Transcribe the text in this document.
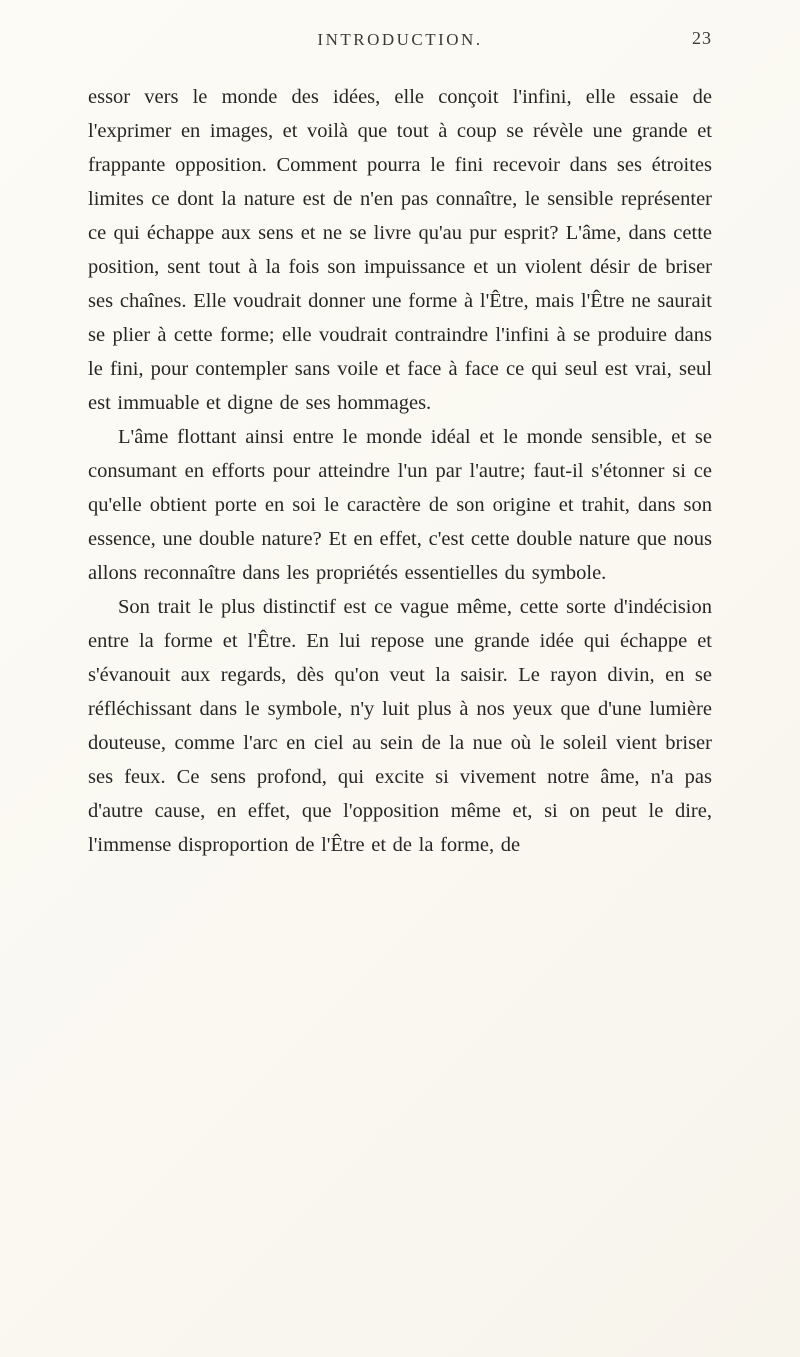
INTRODUCTION.	23

essor vers le monde des idées, elle conçoit l'infini, elle essaie de l'exprimer en images, et voilà que tout à coup se révèle une grande et frappante opposition. Comment pourra le fini recevoir dans ses étroites limites ce dont la nature est de n'en pas connaître, le sensible représenter ce qui échappe aux sens et ne se livre qu'au pur esprit? L'âme, dans cette position, sent tout à la fois son impuissance et un violent désir de briser ses chaînes. Elle voudrait donner une forme à l'Être, mais l'Être ne saurait se plier à cette forme; elle voudrait contraindre l'infini à se produire dans le fini, pour contempler sans voile et face à face ce qui seul est vrai, seul est immuable et digne de ses hommages.

L'âme flottant ainsi entre le monde idéal et le monde sensible, et se consumant en efforts pour atteindre l'un par l'autre; faut-il s'étonner si ce qu'elle obtient porte en soi le caractère de son origine et trahit, dans son essence, une double nature? Et en effet, c'est cette double nature que nous allons reconnaître dans les propriétés essentielles du symbole.

Son trait le plus distinctif est ce vague même, cette sorte d'indécision entre la forme et l'Être. En lui repose une grande idée qui échappe et s'évanouit aux regards, dès qu'on veut la saisir. Le rayon divin, en se réfléchissant dans le symbole, n'y luit plus à nos yeux que d'une lumière douteuse, comme l'arc en ciel au sein de la nue où le soleil vient briser ses feux. Ce sens profond, qui excite si vivement notre âme, n'a pas d'autre cause, en effet, que l'opposition même et, si on peut le dire, l'immense disproportion de l'Être et de la forme, de
